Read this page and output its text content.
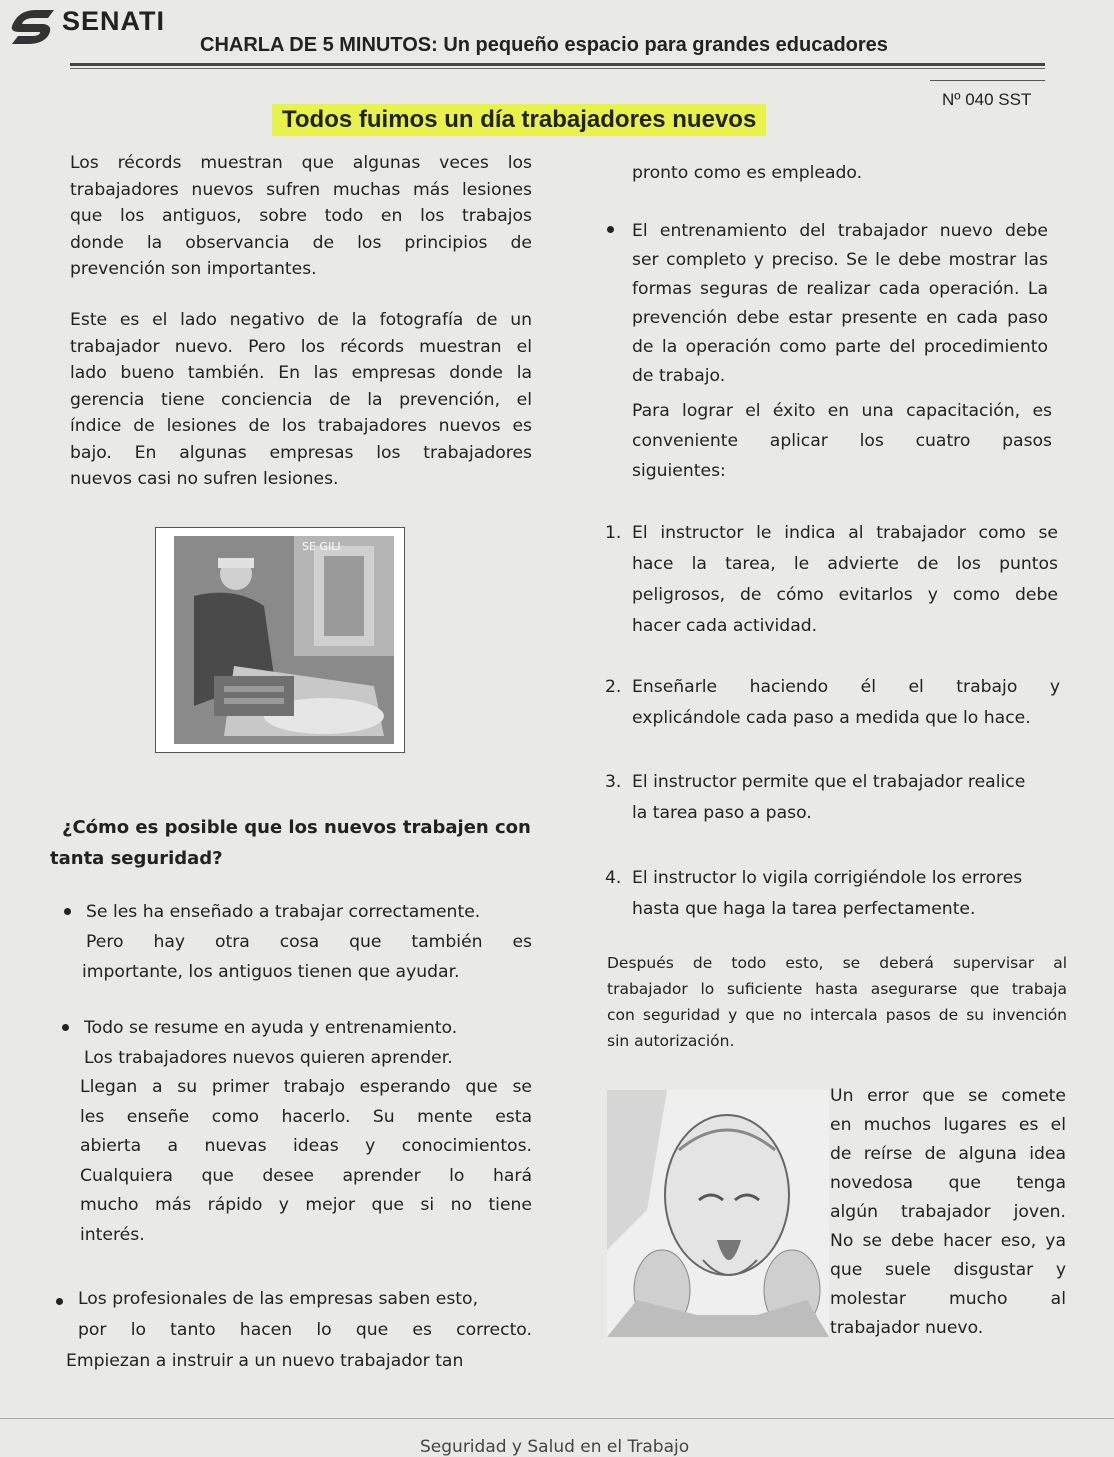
SENATI
CHARLA DE 5 MINUTOS: Un pequeño espacio para grandes educadores
Nº 040 SST
Todos fuimos un día trabajadores nuevos
Los récords muestran que algunas veces los
trabajadores nuevos sufren muchas más lesiones
que los antiguos, sobre todo en los trabajos
donde la observancia de los principios de
prevención son importantes.
Este es el lado negativo de la fotografía de un
trabajador nuevo. Pero los récords muestran el
lado bueno también. En las empresas donde la
gerencia tiene conciencia de la prevención, el
índice de lesiones de los trabajadores nuevos es
bajo. En algunas empresas los trabajadores
nuevos casi no sufren lesiones.
SE GILI
¿Cómo es posible que los nuevos trabajen con
tanta seguridad?
Se les ha enseñado a trabajar correctamente.
Pero hay otra cosa que también es
importante, los antiguos tienen que ayudar.
Todo se resume en ayuda y entrenamiento.
Los trabajadores nuevos quieren aprender.
Llegan a su primer trabajo esperando que se
les enseñe como hacerlo. Su mente esta
abierta a nuevas ideas y conocimientos.
Cualquiera que desee aprender lo hará
mucho más rápido y mejor que si no tiene
interés.
Los profesionales de las empresas saben esto,
por lo tanto hacen lo que es correcto.
Empiezan a instruir a un nuevo trabajador tan
pronto como es empleado.
El entrenamiento del trabajador nuevo debe
ser completo y preciso. Se le debe mostrar las
formas seguras de realizar cada operación. La
prevención debe estar presente en cada paso
de la operación como parte del procedimiento
de trabajo.
Para lograr el éxito en una capacitación, es
conveniente aplicar los cuatro pasos
siguientes:
1. El instructor le indica al trabajador como se
hace la tarea, le advierte de los puntos
peligrosos, de cómo evitarlos y como debe
hacer cada actividad.
2. Enseñarle haciendo él el trabajo y
explicándole cada paso a medida que lo hace.
3. El instructor permite que el trabajador realice
la tarea paso a paso.
4. El instructor lo vigila corrigiéndole los errores
hasta que haga la tarea perfectamente.
Después de todo esto, se deberá supervisar al
trabajador lo suficiente hasta asegurarse que trabaja
con seguridad y que no intercala pasos de su invención
sin autorización.
Un error que se comete
en muchos lugares es el
de reírse de alguna idea
novedosa que tenga
algún trabajador joven.
No se debe hacer eso, ya
que suele disgustar y
molestar mucho al
trabajador nuevo.
Seguridad y Salud en el Trabajo
